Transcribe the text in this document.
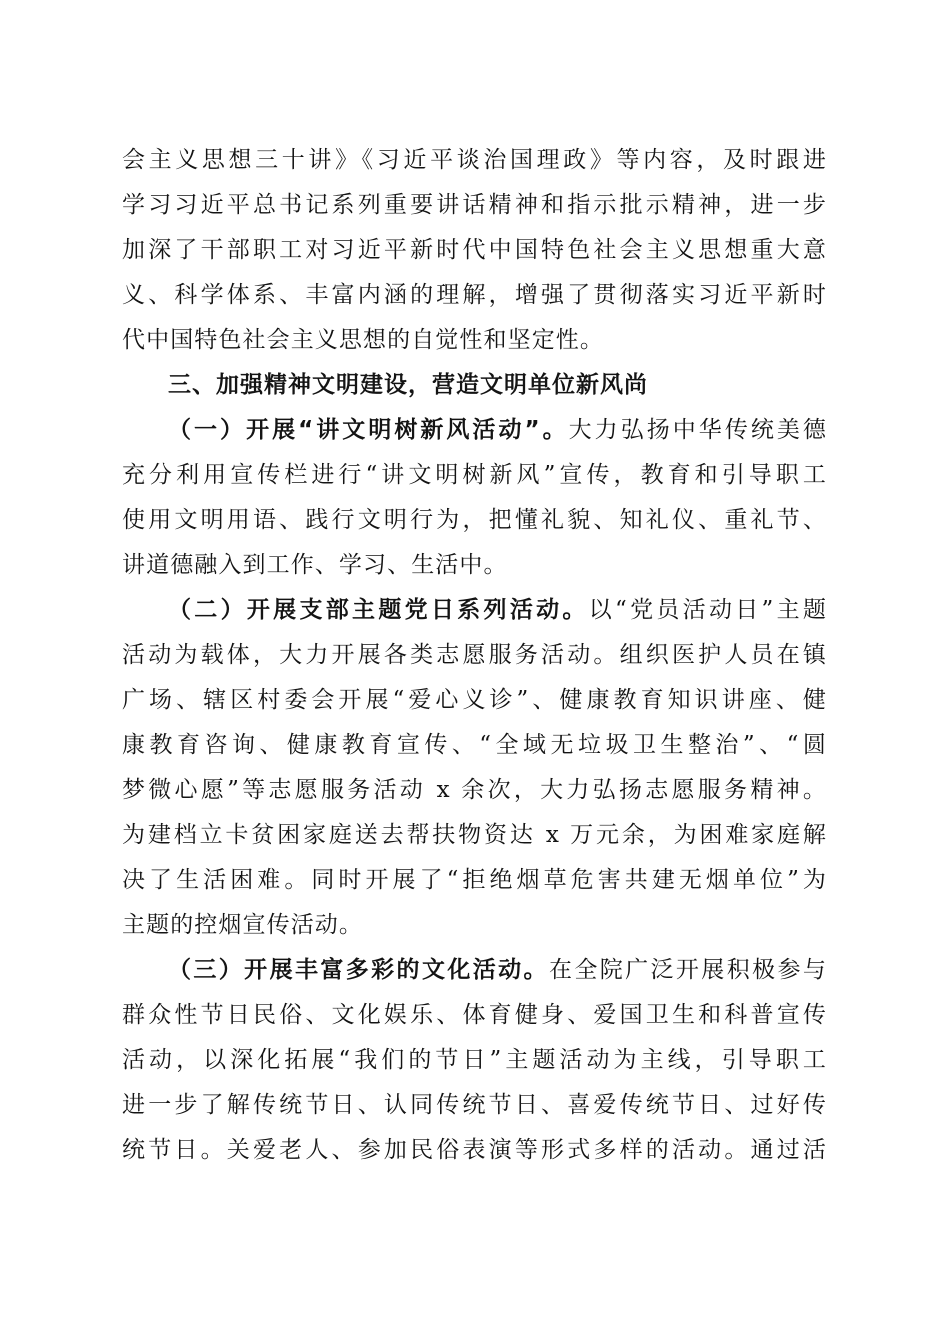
会主义思想三十讲》《习近平谈治国理政》等内容，及时跟进
学习习近平总书记系列重要讲话精神和指示批示精神，进一步
加深了干部职工对习近平新时代中国特色社会主义思想重大意
义、科学体系、丰富内涵的理解，增强了贯彻落实习近平新时
代中国特色社会主义思想的自觉性和坚定性。
三、加强精神文明建设，营造文明单位新风尚
（一）开展“讲文明树新风活动”。大力弘扬中华传统美德
充分利用宣传栏进行“讲文明树新风”宣传，教育和引导职工
使用文明用语、践行文明行为，把懂礼貌、知礼仪、重礼节、
讲道德融入到工作、学习、生活中。
（二）开展支部主题党日系列活动。以“党员活动日”主题
活动为载体，大力开展各类志愿服务活动。组织医护人员在镇
广场、辖区村委会开展“爱心义诊”、健康教育知识讲座、健
康教育咨询、健康教育宣传、“全域无垃圾卫生整治”、“圆
梦微心愿”等志愿服务活动 x 余次，大力弘扬志愿服务精神。
为建档立卡贫困家庭送去帮扶物资达 x 万元余，为困难家庭解
决了生活困难。同时开展了“拒绝烟草危害共建无烟单位”为
主题的控烟宣传活动。
（三）开展丰富多彩的文化活动。在全院广泛开展积极参与
群众性节日民俗、文化娱乐、体育健身、爱国卫生和科普宣传
活动，以深化拓展“我们的节日”主题活动为主线，引导职工
进一步了解传统节日、认同传统节日、喜爱传统节日、过好传
统节日。关爱老人、参加民俗表演等形式多样的活动。通过活
